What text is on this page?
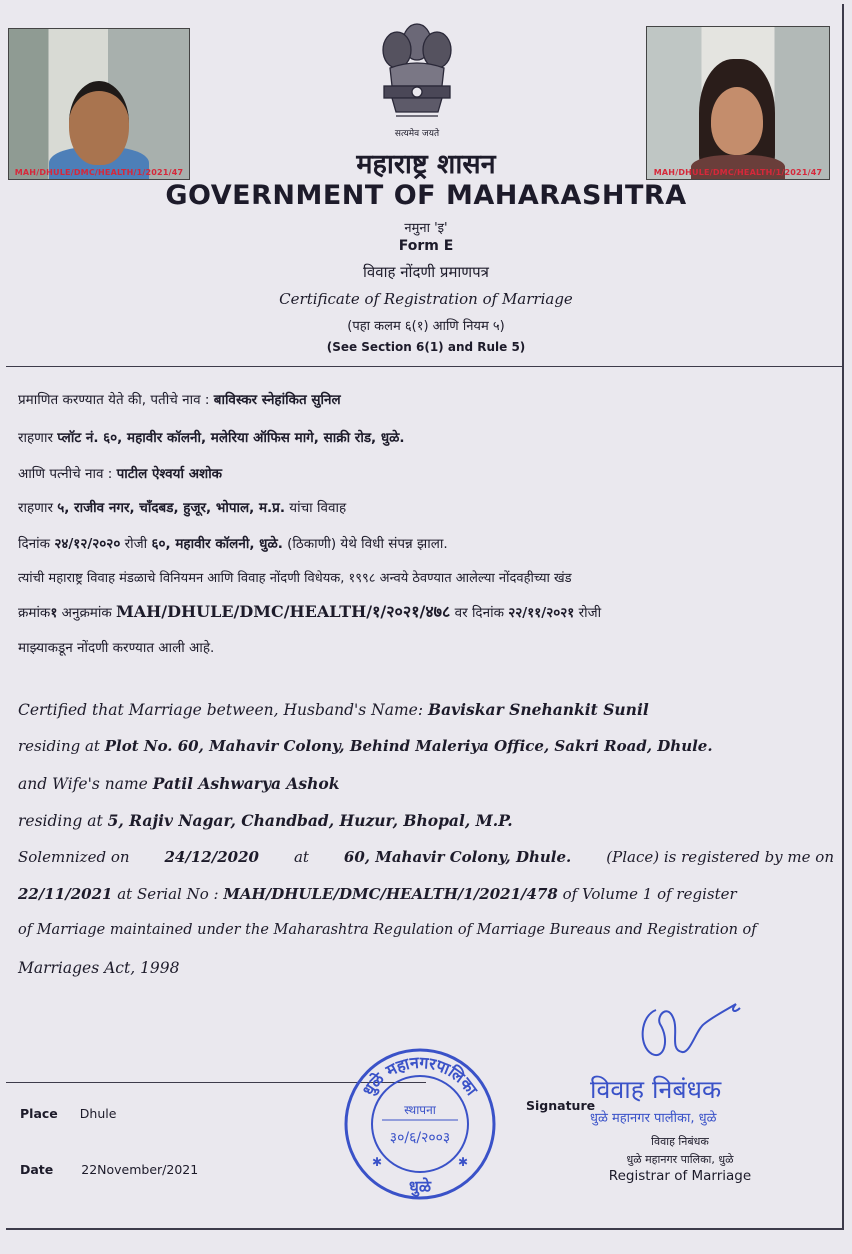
MAH/DHULE/DMC/HEALTH/1/2021/47	MAH/DHULE/DMC/HEALTH/1/2021/47
सत्यमेव जयते
महाराष्ट्र शासन
GOVERNMENT OF MAHARASHTRA
नमुना 'इ'
Form E
विवाह नोंदणी प्रमाणपत्र
Certificate of Registration of Marriage
(पहा कलम ६(१) आणि नियम ५)
(See Section 6(1) and Rule 5)
प्रमाणित करण्यात येते की, पतीचे नाव : बाविस्कर स्नेहांकित सुनिल
राहणार प्लॉट नं. ६०, महावीर कॉलनी, मलेरिया ऑफिस मागे, साक्री रोड, धुळे.
आणि पत्नीचे नाव : पाटील ऐश्वर्या अशोक
राहणार ५, राजीव नगर, चाँदबड, हुजूर, भोपाल, म.प्र. यांचा विवाह
दिनांक २४/१२/२०२० रोजी ६०, महावीर कॉलनी, धुळे. (ठिकाणी) येथे विधी संपन्न झाला.
त्यांची महाराष्ट्र विवाह मंडळाचे विनियमन आणि विवाह नोंदणी विधेयक, १९९८ अन्वये ठेवण्यात आलेल्या नोंदवहीच्या खंड
क्रमांक१ अनुक्रमांक MAH/DHULE/DMC/HEALTH/१/२०२१/४७८ वर दिनांक २२/११/२०२१ रोजी
माझ्याकडून नोंदणी करण्यात आली आहे.
Certified that Marriage between, Husband's Name: Baviskar Snehankit Sunil
residing at Plot No. 60, Mahavir Colony, Behind Maleriya Office, Sakri Road, Dhule.
and Wife's name Patil Ashwarya Ashok
residing at 5, Rajiv Nagar, Chandbad, Huzur, Bhopal, M.P.
Solemnized on 24/12/2020 at 60, Mahavir Colony, Dhule. (Place) is registered by me on
22/11/2021 at Serial No : MAH/DHULE/DMC/HEALTH/1/2021/478 of Volume 1 of register
of Marriage maintained under the Maharashtra Regulation of Marriage Bureaus and Registration of
Marriages Act, 1998
Place Dhule
Date 22November/2021
Signature
धुळे महानगरपालिका
स्थापना
३०/६/२००३
धुळे
✱	✱
विवाह निबंधक
धुळे महानगर पालीका, धुळे
विवाह निबंधक
धुळे महानगर पालिका, धुळे
Registrar of Marriage
